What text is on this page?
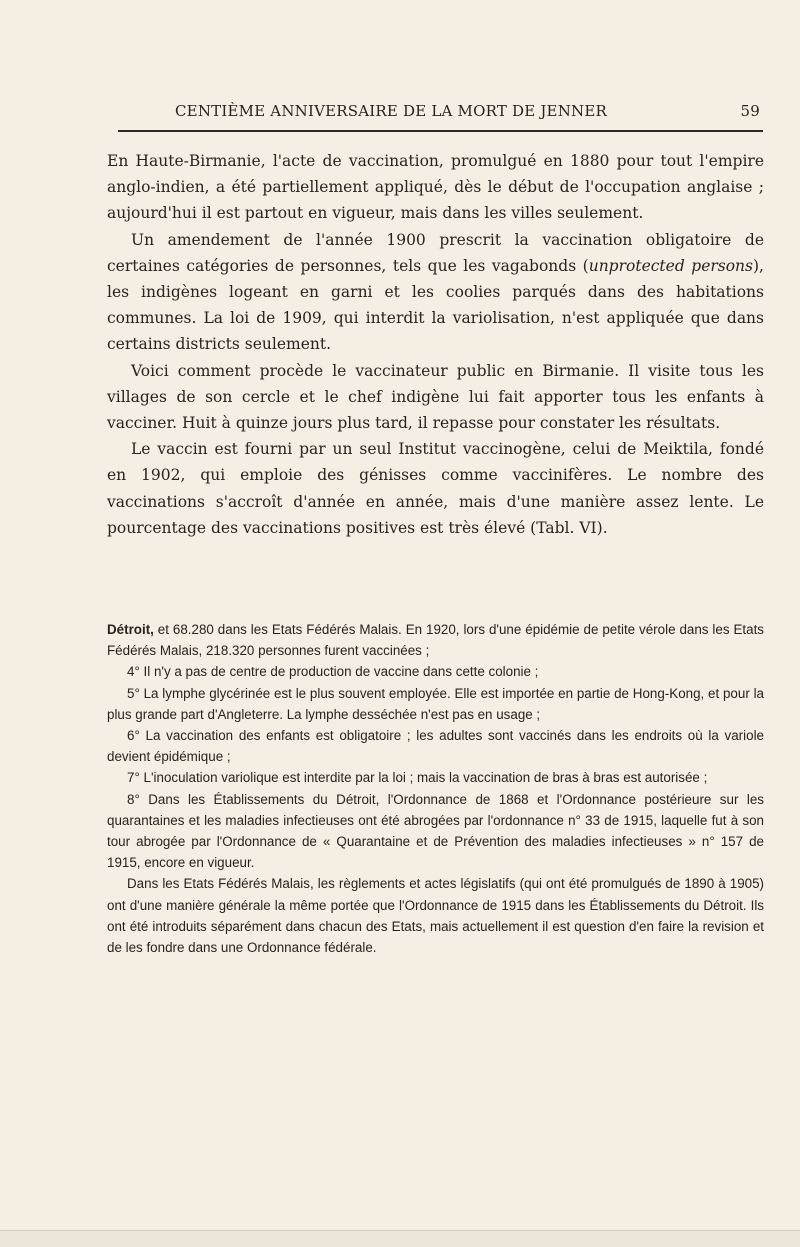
CENTIÈME ANNIVERSAIRE DE LA MORT DE JENNER	59

En Haute-Birmanie, l'acte de vaccination, promulgué en 1880 pour tout l'empire anglo-indien, a été partiellement appliqué, dès le début de l'occupation anglaise ; aujourd'hui il est partout en vigueur, mais dans les villes seulement.

Un amendement de l'année 1900 prescrit la vaccination obligatoire de certaines catégories de personnes, tels que les vagabonds (unprotected persons), les indigènes logeant en garni et les coolies parqués dans des habitations communes. La loi de 1909, qui interdit la variolisation, n'est appliquée que dans certains districts seulement.

Voici comment procède le vaccinateur public en Birmanie. Il visite tous les villages de son cercle et le chef indigène lui fait apporter tous les enfants à vacciner. Huit à quinze jours plus tard, il repasse pour constater les résultats.

Le vaccin est fourni par un seul Institut vaccinogène, celui de Meiktila, fondé en 1902, qui emploie des génisses comme vaccinifères. Le nombre des vaccinations s'accroît d'année en année, mais d'une manière assez lente. Le pourcentage des vaccinations positives est très élevé (Tabl. VI).

Détroit, et 68.280 dans les Etats Fédérés Malais. En 1920, lors d'une épidémie de petite vérole dans les Etats Fédérés Malais, 218.320 personnes furent vaccinées ;

4° Il n'y a pas de centre de production de vaccine dans cette colonie ;

5° La lymphe glycérinée est le plus souvent employée. Elle est importée en partie de Hong-Kong, et pour la plus grande part d'Angleterre. La lymphe desséchée n'est pas en usage ;

6° La vaccination des enfants est obligatoire ; les adultes sont vaccinés dans les endroits où la variole devient épidémique ;

7° L'inoculation variolique est interdite par la loi ; mais la vaccination de bras à bras est autorisée ;

8° Dans les Établissements du Détroit, l'Ordonnance de 1868 et l'Ordonnance postérieure sur les quarantaines et les maladies infectieuses ont été abrogées par l'ordonnance n° 33 de 1915, laquelle fut à son tour abrogée par l'Ordonnance de « Quarantaine et de Prévention des maladies infectieuses » n° 157 de 1915, encore en vigueur.

Dans les Etats Fédérés Malais, les règlements et actes législatifs (qui ont été promulgués de 1890 à 1905) ont d'une manière générale la même portée que l'Ordonnance de 1915 dans les Établissements du Détroit. Ils ont été introduits séparément dans chacun des Etats, mais actuellement il est question d'en faire la revision et de les fondre dans une Ordonnance fédérale.
